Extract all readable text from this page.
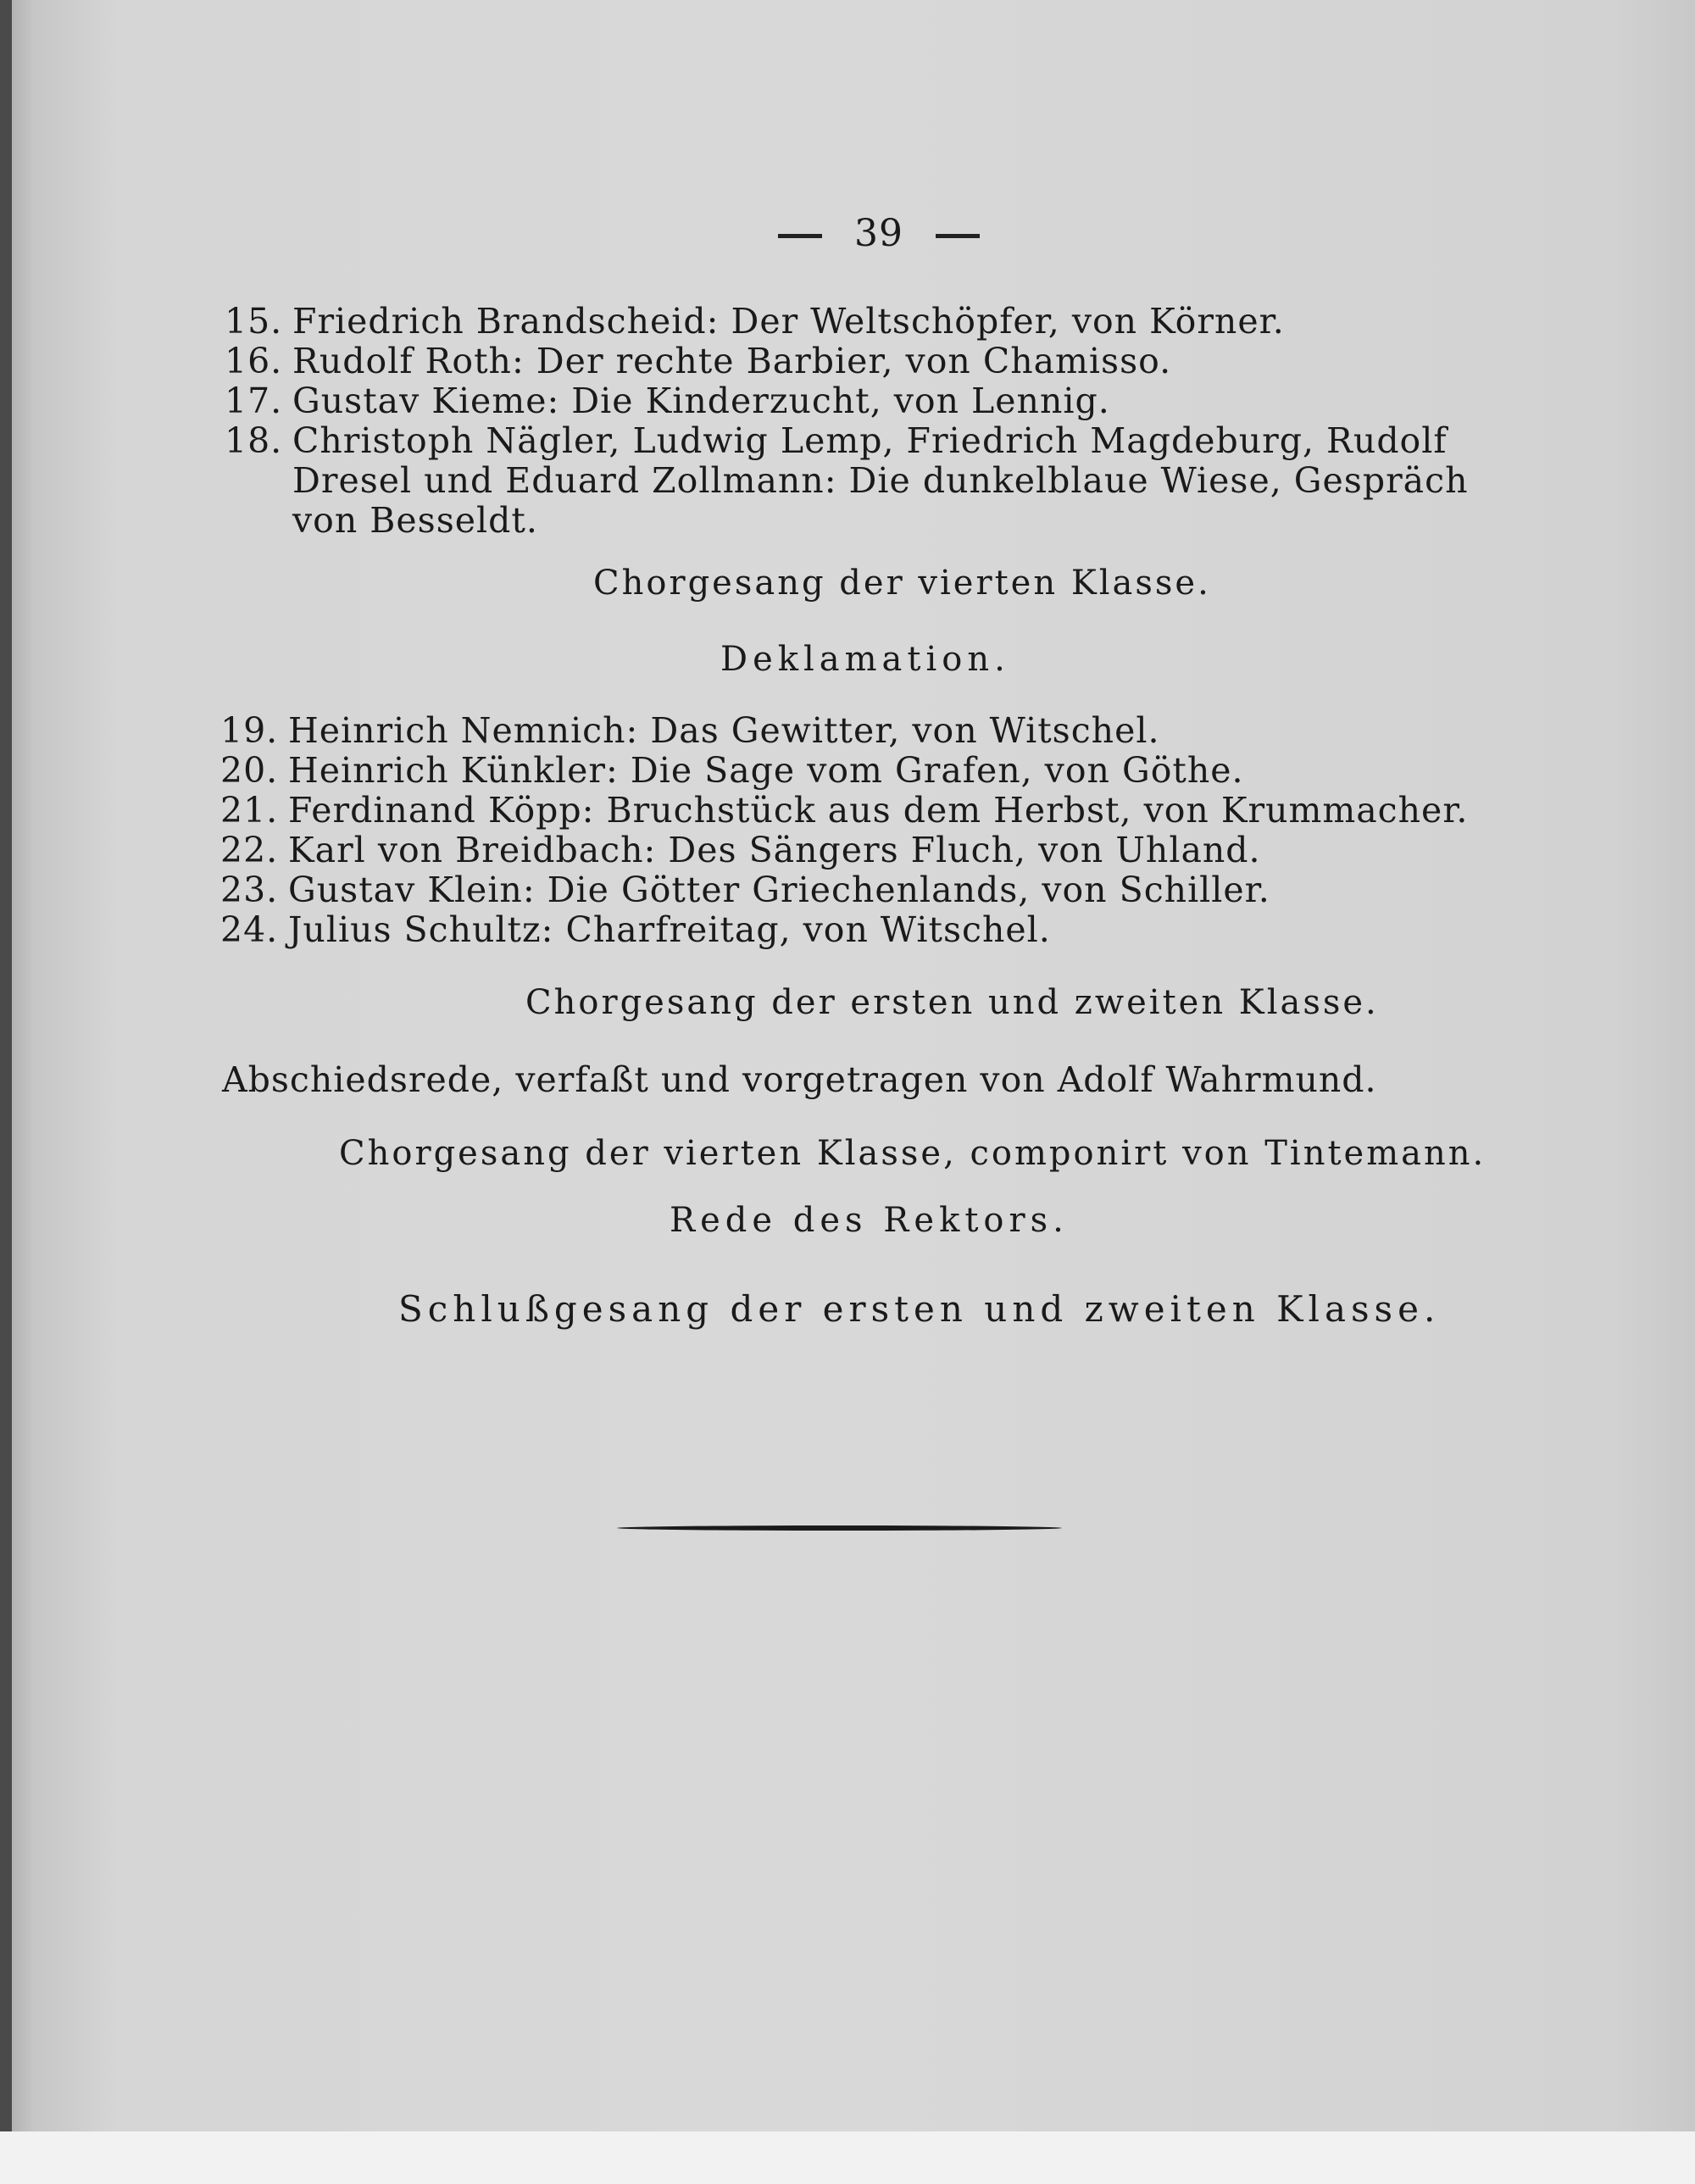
39
15. Friedrich Brandscheid: Der Weltschöpfer, von Körner.
16. Rudolf Roth: Der rechte Barbier, von Chamisso.
17. Gustav Kieme: Die Kinderzucht, von Lennig.
18. Christoph Nägler, Ludwig Lemp, Friedrich Magdeburg, Rudolf
Dresel und Eduard Zollmann: Die dunkelblaue Wiese, Gespräch
von Besseldt.
Chorgesang der vierten Klasse.
Deklamation.
19. Heinrich Nemnich: Das Gewitter, von Witschel.
20. Heinrich Künkler: Die Sage vom Grafen, von Göthe.
21. Ferdinand Köpp: Bruchstück aus dem Herbst, von Krummacher.
22. Karl von Breidbach: Des Sängers Fluch, von Uhland.
23. Gustav Klein: Die Götter Griechenlands, von Schiller.
24. Julius Schultz: Charfreitag, von Witschel.
Chorgesang der ersten und zweiten Klasse.
Abschiedsrede, verfaßt und vorgetragen von Adolf Wahrmund.
Chorgesang der vierten Klasse, componirt von Tintemann.
Rede des Rektors.
Schlußgesang der ersten und zweiten Klasse.
